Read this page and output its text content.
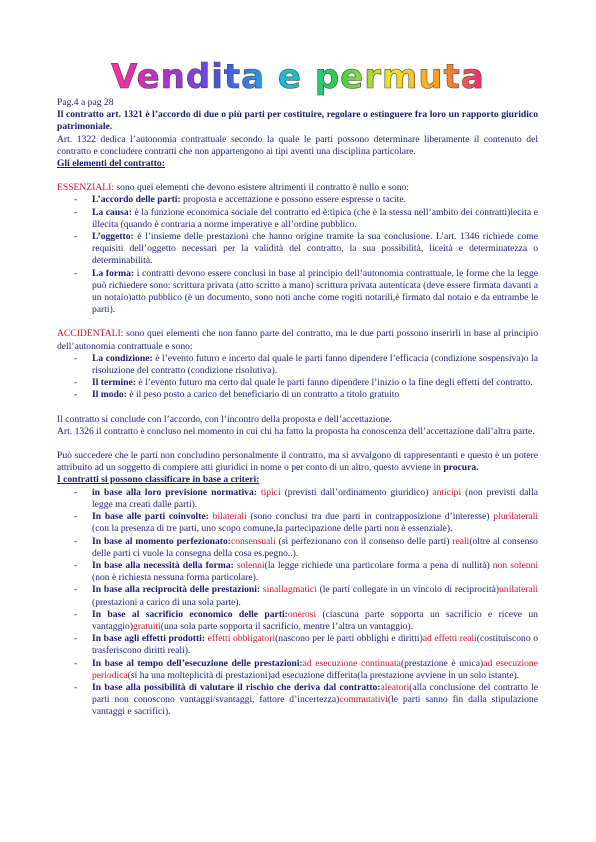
Vendita e permuta

Pag.4 a pag 28

Il contratto art. 1321 è l’accordo di due o più parti per costituire, regolare o estinguere fra loro un rapporto giuridico patrimoniale.

Art. 1322 dedica l’autonomia contrattuale secondo la quale le parti possono determinare liberamente il contenuto del contratto e concludere contratti che non appartengono ai tipi aventi una disciplina particolare.

Gli elementi del contratto:

ESSENZIALI: sono quei elementi che devono esistere altrimenti il contratto è nullo e sono:

- L’accordo delle parti: proposta e accettazione e possono essere espresse o tacite.
- La causa: è la funzione economica sociale del contratto ed è:tipica (che è la stessa nell’ambito dei contratti)lecita e illecita (quando è contraria a norme imperative e all’ordine pubblico.
- L’oggetto: è l’insieme delle prestazioni che hanno origine tramite la sua conclusione. L’art. 1346 richiede come requisiti dell’oggetto necessari per la validità del contratto, la sua possibilità, liceità e determinatezza o determinabilità.
- La forma: i contratti devono essere conclusi in base al principio dell’autonomia contrattuale, le forme che la legge può richiedere sono: scrittura privata (atto scritto a mano) scrittura privata autenticata (deve essere firmata davanti a un notaio)atto pubblico (è un documento, sono noti anche come rogiti notarili,è firmato dal notaio e da entrambe le parti).

ACCIDENTALI: sono quei elementi che non fanno parte del contratto, ma le due parti possono inserirli in base al principio dell’autonomia contrattuale e sono:

- La condizione: è l’evento futuro e incerto dal quale le parti fanno dipendere l’efficacia (condizione sospensiva)o la risoluzione del contratto (condizione risolutiva).
- Il termine: è l’evento futuro ma certo dal quale le parti fanno dipendere l’inizio o la fine degli effetti del contratto.
- Il modo: è il peso posto a carico del beneficiario di un contratto a titolo gratuito

Il contratto si conclude con l’accordo, con l’incontro della proposta e dell’accettazione.

Art. 1326 il contratto è concluso nel momento in cui chi ha fatto la proposta ha conoscenza dell’accettazione dall’altra parte.

Può succedere che le parti non concludino personalmente il contratto, ma si avvalgono di rappresentanti e questo è un potere attribuito ad un soggetto di compiere atti giuridici in nome o per conto di un altro, questo avviene in procura.

I contratti si possono classificare in base a criteri:

- in base alla loro previsione normativa: tipici (previsti dall’ordinamento giuridico) anticipi (non previsti dalla legge ma creati dalle parti).
- In base alle parti coinvolte: bilaterali (sono conclusi tra due parti in contrapposizione d’interesse) plurilaterali (con la presenza di tre parti, uno scopo comune,la partecipazione delle parti non è essenziale).
- In base al momento perfezionato:consensuali (si perfezionano con il consenso delle parti) reali(oltre al consenso delle parti ci vuole la consegna della cosa es.pegno..).
- In base alla necessità della forma: solenni(la legge richiede una particolare forma a pena di nullità) non solenni (non è richiesta nessuna forma particolare).
- In base alla reciprocità delle prestazioni: sinallagmatici (le parti collegate in un vincolo di reciprocità)unilaterali (prestazioni a carico di una sola parte).
- In base al sacrificio economico delle parti:onerosi (ciascuna parte sopporta un sacrificio e riceve un vantaggio)gratuiti(una sola parte sopporta il sacrificio, mentre l’altra un vantaggio).
- In base agli effetti prodotti: effetti obbligatori(nascono per le parti obblighi e diritti)ad effetti reali(costituiscono o trasferiscono diritti reali).
- In base al tempo dell’esecuzione delle prestazioni:ad esecuzione continuata(prestazione è unica)ad esecuzione periodica(si ha una molteplicità di prestazioni)ad esecuzione differita(la prestazione avviene in un solo istante).
- In base alla possibilità di valutare il rischio che deriva dal contratto:aleatori(alla conclusione del contratto le parti non conoscono vantaggi/svantaggi, fattore d’incertezza)commutativi(le parti sanno fin dalla stipulazione vantaggi e sacrifici).
